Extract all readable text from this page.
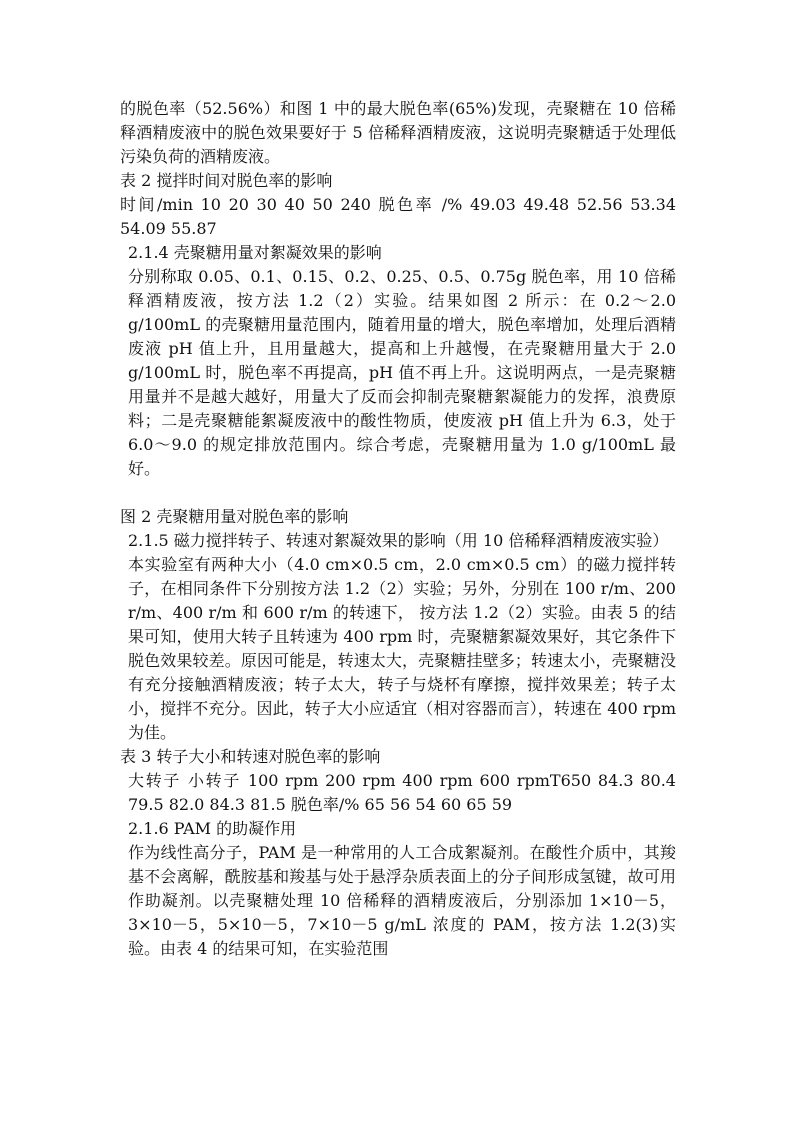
的脱色率（52.56%）和图 1 中的最大脱色率(65%)发现，壳聚糖在 10 倍稀释酒精废液中的脱色效果要好于 5 倍稀释酒精废液，这说明壳聚糖适于处理低污染负荷的酒精废液。

表 2 搅拌时间对脱色率的影响

时间/min 10 20 30 40 50 240 脱色率 /% 49.03 49.48 52.56 53.34 54.09 55.87

2.1.4 壳聚糖用量对絮凝效果的影响

分别称取 0.05、0.1、0.15、0.2、0.25、0.5、0.75g 脱色率，用 10 倍稀释酒精废液，按方法 1.2（2）实验。结果如图 2 所示：在 0.2～2.0 g/100mL 的壳聚糖用量范围内，随着用量的增大，脱色率增加，处理后酒精废液 pH 值上升，且用量越大，提高和上升越慢，在壳聚糖用量大于 2.0 g/100mL 时，脱色率不再提高，pH 值不再上升。这说明两点，一是壳聚糖用量并不是越大越好，用量大了反而会抑制壳聚糖絮凝能力的发挥，浪费原料；二是壳聚糖能絮凝废液中的酸性物质，使废液 pH 值上升为 6.3，处于 6.0～9.0 的规定排放范围内。综合考虑，壳聚糖用量为 1.0 g/100mL 最好。

图 2 壳聚糖用量对脱色率的影响

2.1.5 磁力搅拌转子、转速对絮凝效果的影响（用 10 倍稀释酒精废液实验）

本实验室有两种大小（4.0 cm×0.5 cm，2.0 cm×0.5 cm）的磁力搅拌转子，在相同条件下分别按方法 1.2（2）实验；另外，分别在 100 r/m、200 r/m、400 r/m 和 600 r/m 的转速下， 按方法 1.2（2）实验。由表 5 的结果可知，使用大转子且转速为 400 rpm 时，壳聚糖絮凝效果好，其它条件下脱色效果较差。原因可能是，转速太大，壳聚糖挂壁多；转速太小，壳聚糖没有充分接触酒精废液；转子太大，转子与烧杯有摩擦，搅拌效果差；转子太小，搅拌不充分。因此，转子大小应适宜（相对容器而言），转速在 400 rpm 为佳。

表 3 转子大小和转速对脱色率的影响

大转子 小转子 100 rpm 200 rpm 400 rpm 600 rpmT650 84.3 80.4 79.5 82.0 84.3 81.5 脱色率/% 65 56 54 60 65 59

2.1.6 PAM 的助凝作用

作为线性高分子，PAM 是一种常用的人工合成絮凝剂。在酸性介质中，其羧基不会离解，酰胺基和羧基与处于悬浮杂质表面上的分子间形成氢键，故可用作助凝剂。以壳聚糖处理 10 倍稀释的酒精废液后，分别添加 1×10－5，3×10－5，5×10－5，7×10－5 g/mL 浓度的 PAM，按方法 1.2(3)实验。由表 4 的结果可知，在实验范围
